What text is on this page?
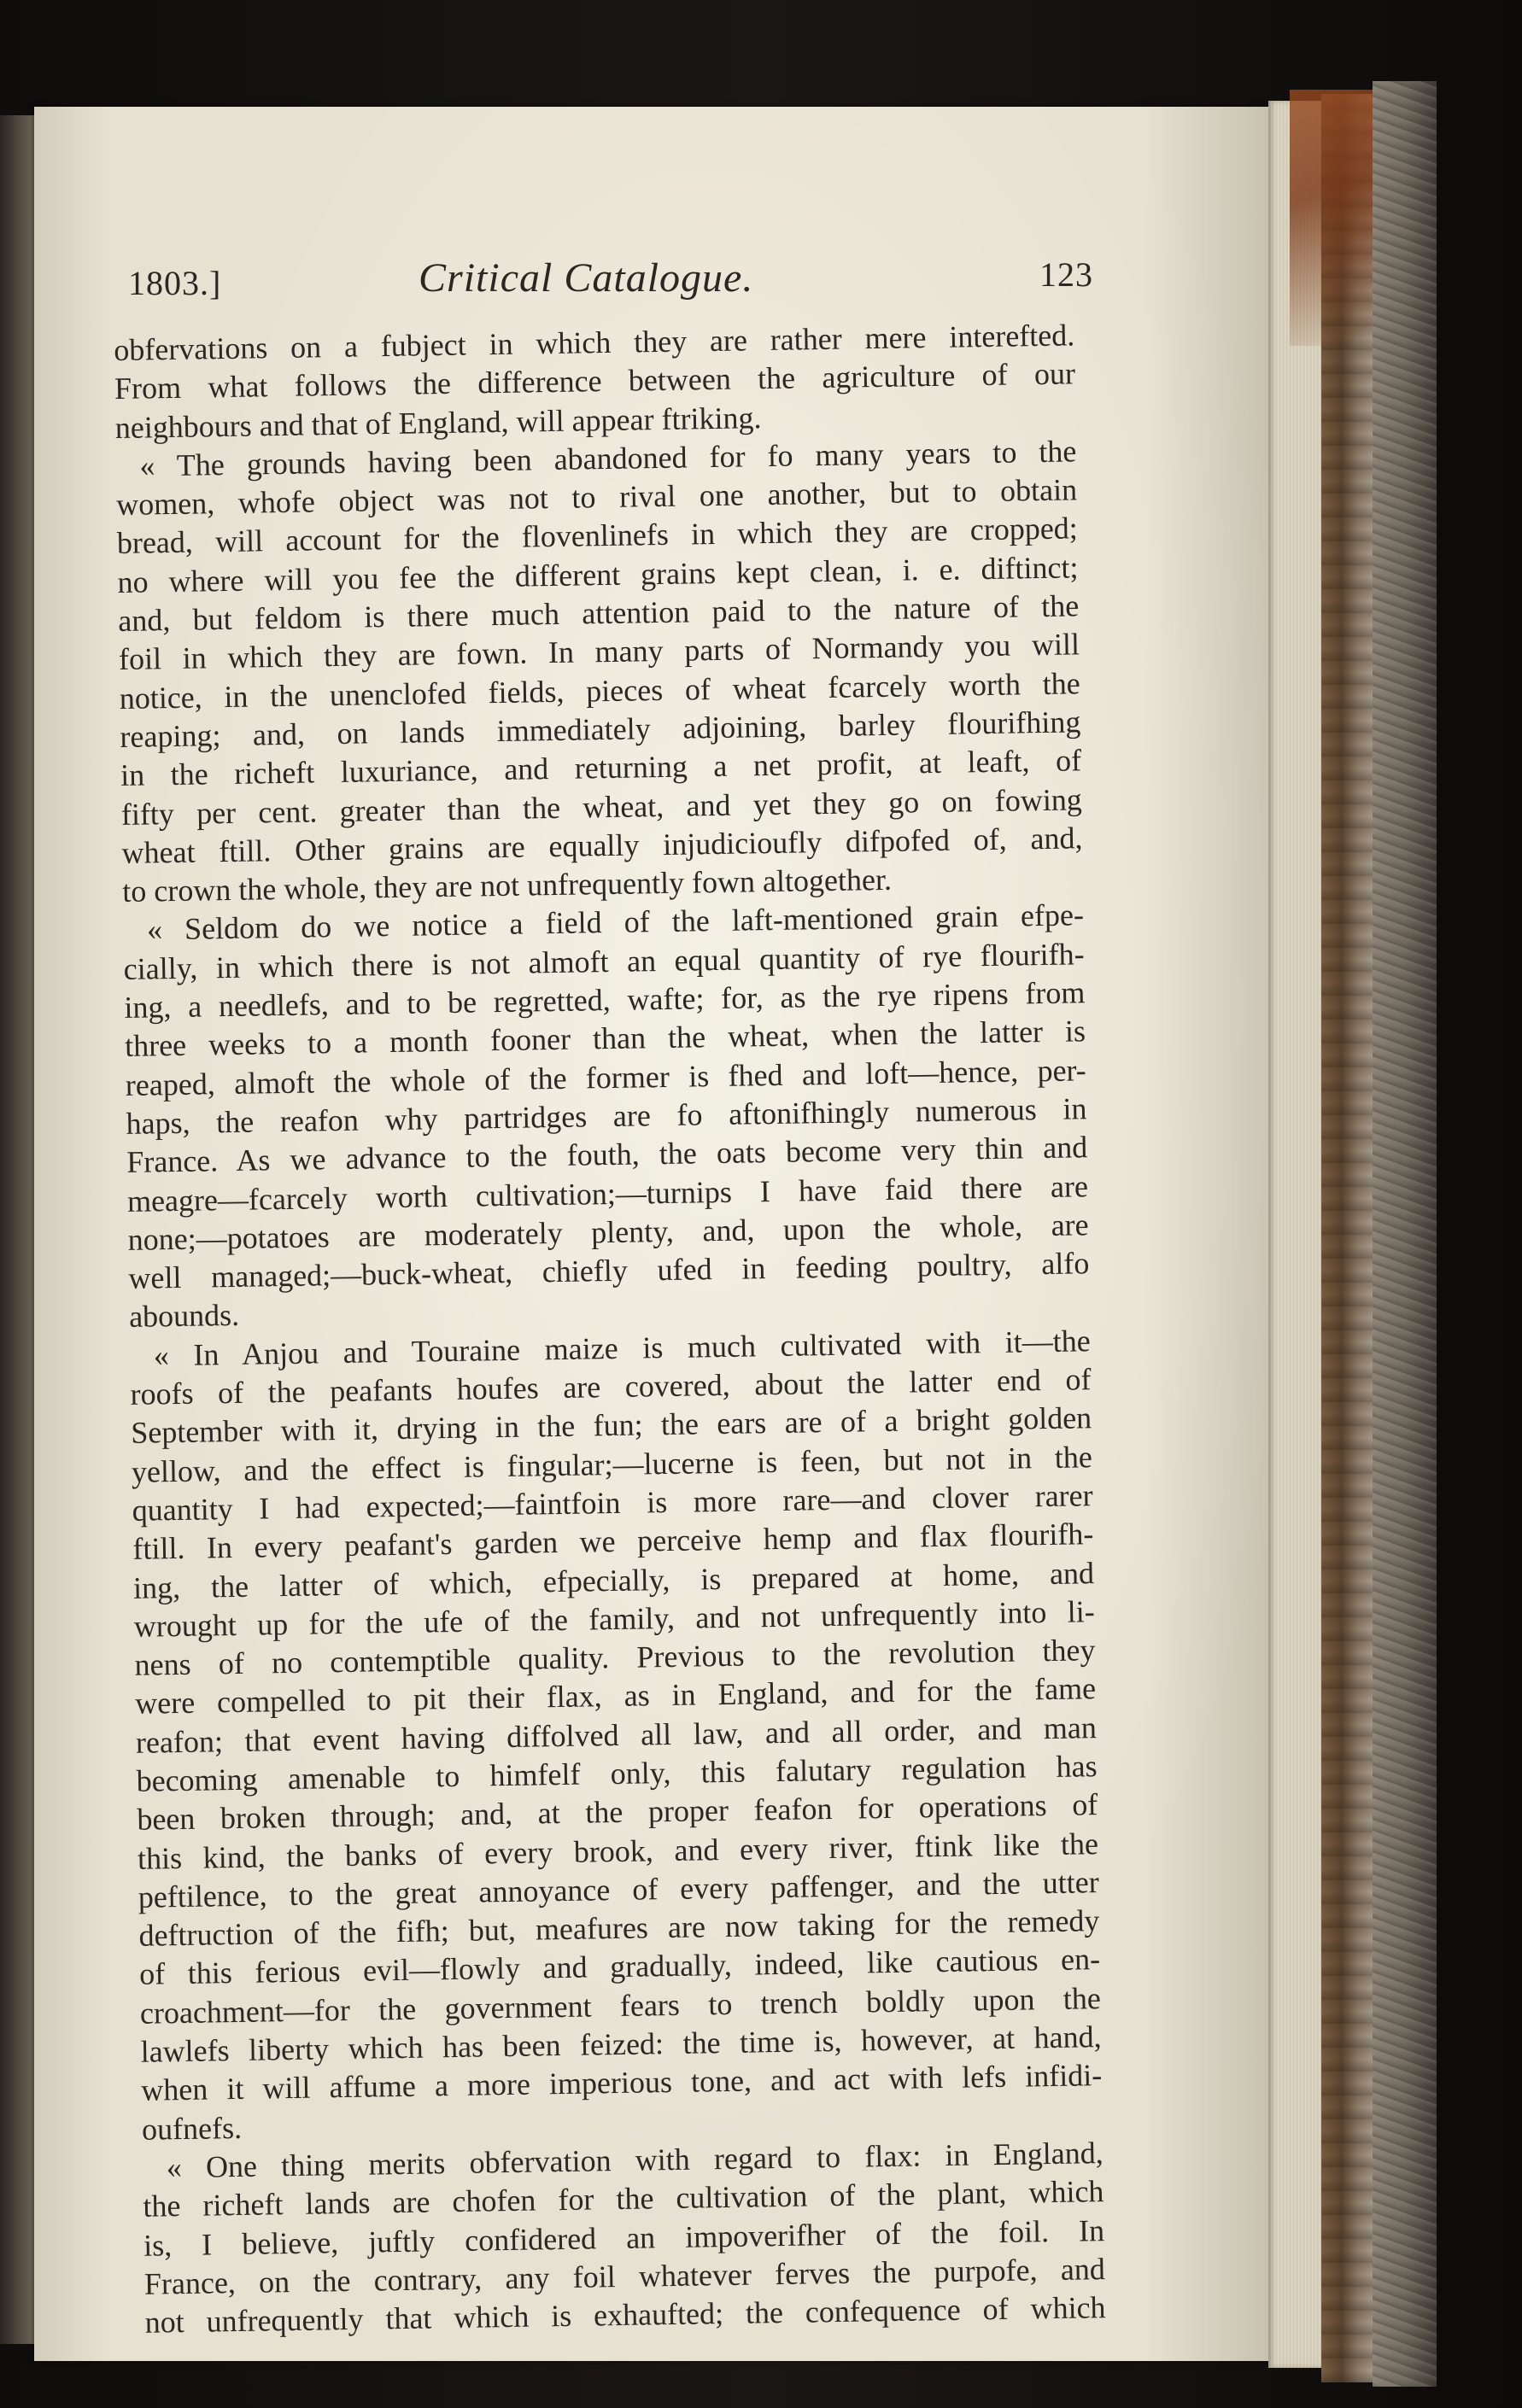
1803.]	Critical Catalogue.	123
obfervations on a fubject in which they are rather mere interefted.
From what follows the difference between the agriculture of our
neighbours and that of England, will appear ftriking.
« The grounds having been abandoned for fo many years to the
women, whofe object was not to rival one another, but to obtain
bread, will account for the flovenlinefs in which they are cropped;
no where will you fee the different grains kept clean, i. e. diftinct;
and, but feldom is there much attention paid to the nature of the
foil in which they are fown. In many parts of Normandy you will
notice, in the unenclofed fields, pieces of wheat fcarcely worth the
reaping; and, on lands immediately adjoining, barley flourifhing
in the richeft luxuriance, and returning a net profit, at leaft, of
fifty per cent. greater than the wheat, and yet they go on fowing
wheat ftill. Other grains are equally injudicioufly difpofed of, and,
to crown the whole, they are not unfrequently fown altogether.
« Seldom do we notice a field of the laft-mentioned grain efpe-
cially, in which there is not almoft an equal quantity of rye flourifh-
ing, a needlefs, and to be regretted, wafte; for, as the rye ripens from
three weeks to a month fooner than the wheat, when the latter is
reaped, almoft the whole of the former is fhed and loft—hence, per-
haps, the reafon why partridges are fo aftonifhingly numerous in
France. As we advance to the fouth, the oats become very thin and
meagre—fcarcely worth cultivation;—turnips I have faid there are
none;—potatoes are moderately plenty, and, upon the whole, are
well managed;—buck-wheat, chiefly ufed in feeding poultry, alfo
abounds.
« In Anjou and Touraine maize is much cultivated with it—the
roofs of the peafants houfes are covered, about the latter end of
September with it, drying in the fun; the ears are of a bright golden
yellow, and the effect is fingular;—lucerne is feen, but not in the
quantity I had expected;—faintfoin is more rare—and clover rarer
ftill. In every peafant's garden we perceive hemp and flax flourifh-
ing, the latter of which, efpecially, is prepared at home, and
wrought up for the ufe of the family, and not unfrequently into li-
nens of no contemptible quality. Previous to the revolution they
were compelled to pit their flax, as in England, and for the fame
reafon; that event having diffolved all law, and all order, and man
becoming amenable to himfelf only, this falutary regulation has
been broken through; and, at the proper feafon for operations of
this kind, the banks of every brook, and every river, ftink like the
peftilence, to the great annoyance of every paffenger, and the utter
deftruction of the fifh; but, meafures are now taking for the remedy
of this ferious evil—flowly and gradually, indeed, like cautious en-
croachment—for the government fears to trench boldly upon the
lawlefs liberty which has been feized: the time is, however, at hand,
when it will affume a more imperious tone, and act with lefs infidi-
oufnefs.
« One thing merits obfervation with regard to flax: in England,
the richeft lands are chofen for the cultivation of the plant, which
is, I believe, juftly confidered an impoverifher of the foil. In
France, on the contrary, any foil whatever ferves the purpofe, and
not unfrequently that which is exhaufted; the confequence of which
